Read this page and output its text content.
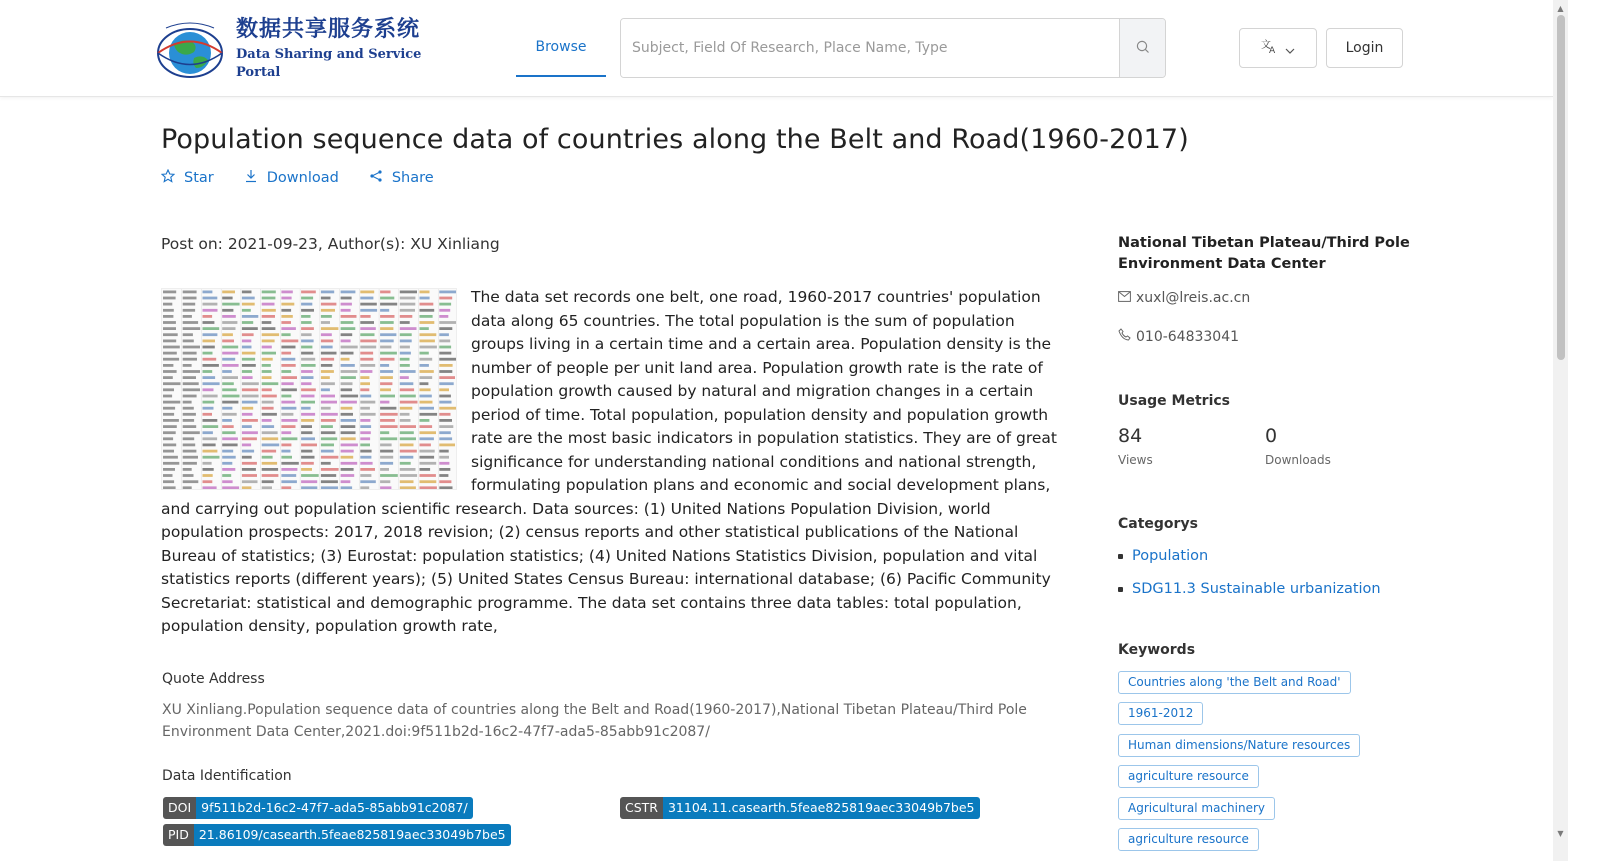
数据共享服务系统
Data Sharing and Service Portal
Browse
Subject, Field Of Research, Place Name, Type	文
A	Login
▲
▼
Population sequence data of countries along the Belt and Road(1960-2017)
Star	Download	Share
Post on: 2021-09-23, Author(s): XU Xinliang
The data set records one belt, one road, 1960-2017 countries' population data along 65 countries. The total population is the sum of population groups living in a certain time and a certain area. Population density is the number of people per unit land area. Population growth rate is the rate of population growth caused by natural and migration changes in a certain period of time. Total population, population density and population growth rate are the most basic indicators in population statistics. They are of great significance for understanding national conditions and national strength, formulating population plans and economic and social development plans, and carrying out population scientific research. Data sources: (1) United Nations Population Division, world population prospects: 2017, 2018 revision; (2) census reports and other statistical publications of the National Bureau of statistics; (3) Eurostat: population statistics; (4) United Nations Statistics Division, population and vital statistics reports (different years); (5) United States Census Bureau: international database; (6) Pacific Community Secretariat: statistical and demographic programme. The data set contains three data tables: total population, population density, population growth rate,
Quote Address
XU Xinliang.Population sequence data of countries along the Belt and Road(1960-2017),National Tibetan Plateau/Third Pole Environment Data Center,2021.doi:9f511b2d-16c2-47f7-ada5-85abb91c2087/
Data Identification
DOI 9f511b2d-16c2-47f7-ada5-85abb91c2087/	CSTR 31104.11.casearth.5feae825819aec33049b7be5
PID 21.86109/casearth.5feae825819aec33049b7be5
National Tibetan Plateau/Third Pole Environment Data Center
xuxl@lreis.ac.cn
010-64833041
Usage Metrics
84
Views
0
Downloads
Categorys
Population
SDG11.3 Sustainable urbanization
Keywords
Countries along 'the Belt and Road'
1961-2012
Human dimensions/Nature resources
agriculture resource
Agricultural machinery
agriculture resource
